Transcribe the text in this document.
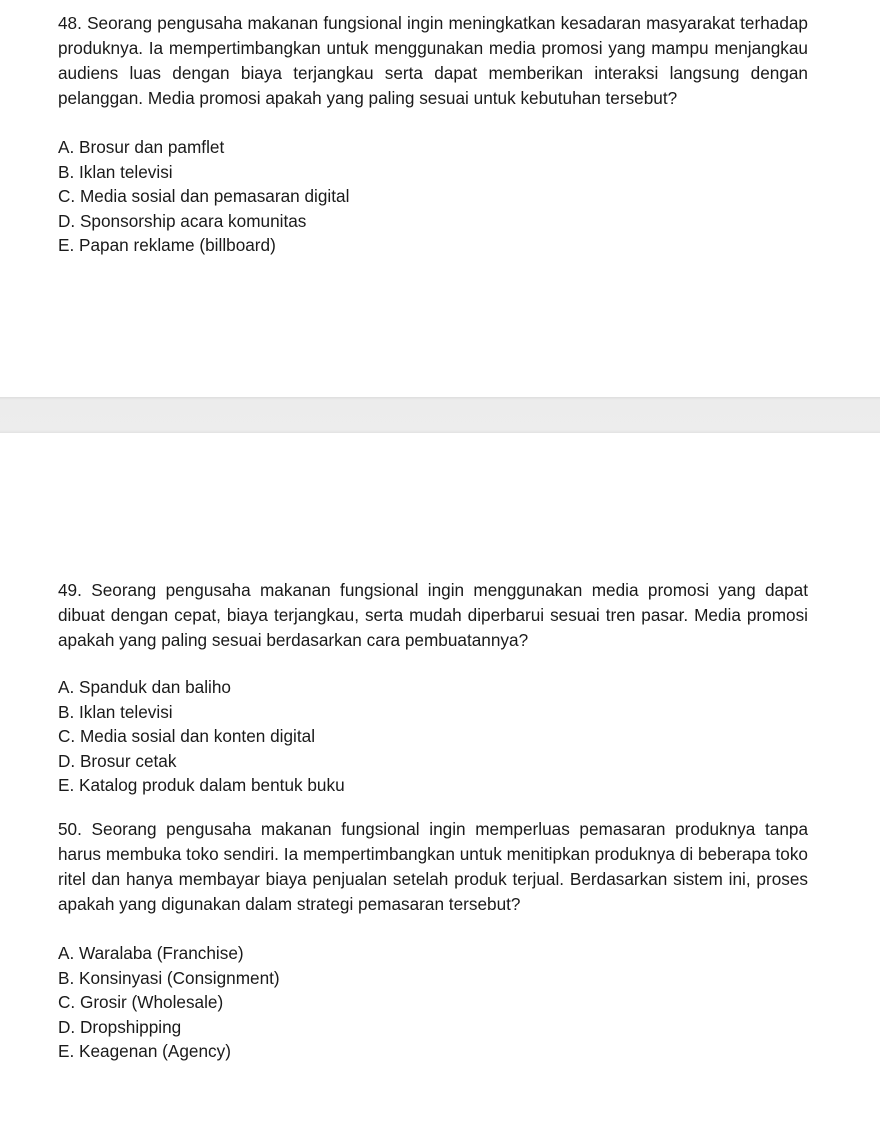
48. Seorang pengusaha makanan fungsional ingin meningkatkan kesadaran masyarakat terhadap produknya. Ia mempertimbangkan untuk menggunakan media promosi yang mampu menjangkau audiens luas dengan biaya terjangkau serta dapat memberikan interaksi langsung dengan pelanggan. Media promosi apakah yang paling sesuai untuk kebutuhan tersebut?

A. Brosur dan pamflet
B. Iklan televisi
C. Media sosial dan pemasaran digital
D. Sponsorship acara komunitas
E. Papan reklame (billboard)

49. Seorang pengusaha makanan fungsional ingin menggunakan media promosi yang dapat dibuat dengan cepat, biaya terjangkau, serta mudah diperbarui sesuai tren pasar. Media promosi apakah yang paling sesuai berdasarkan cara pembuatannya?

A. Spanduk dan baliho
B. Iklan televisi
C. Media sosial dan konten digital
D. Brosur cetak
E. Katalog produk dalam bentuk buku

50. Seorang pengusaha makanan fungsional ingin memperluas pemasaran produknya tanpa harus membuka toko sendiri. Ia mempertimbangkan untuk menitipkan produknya di beberapa toko ritel dan hanya membayar biaya penjualan setelah produk terjual. Berdasarkan sistem ini, proses apakah yang digunakan dalam strategi pemasaran tersebut?

A. Waralaba (Franchise)
B. Konsinyasi (Consignment)
C. Grosir (Wholesale)
D. Dropshipping
E. Keagenan (Agency)
